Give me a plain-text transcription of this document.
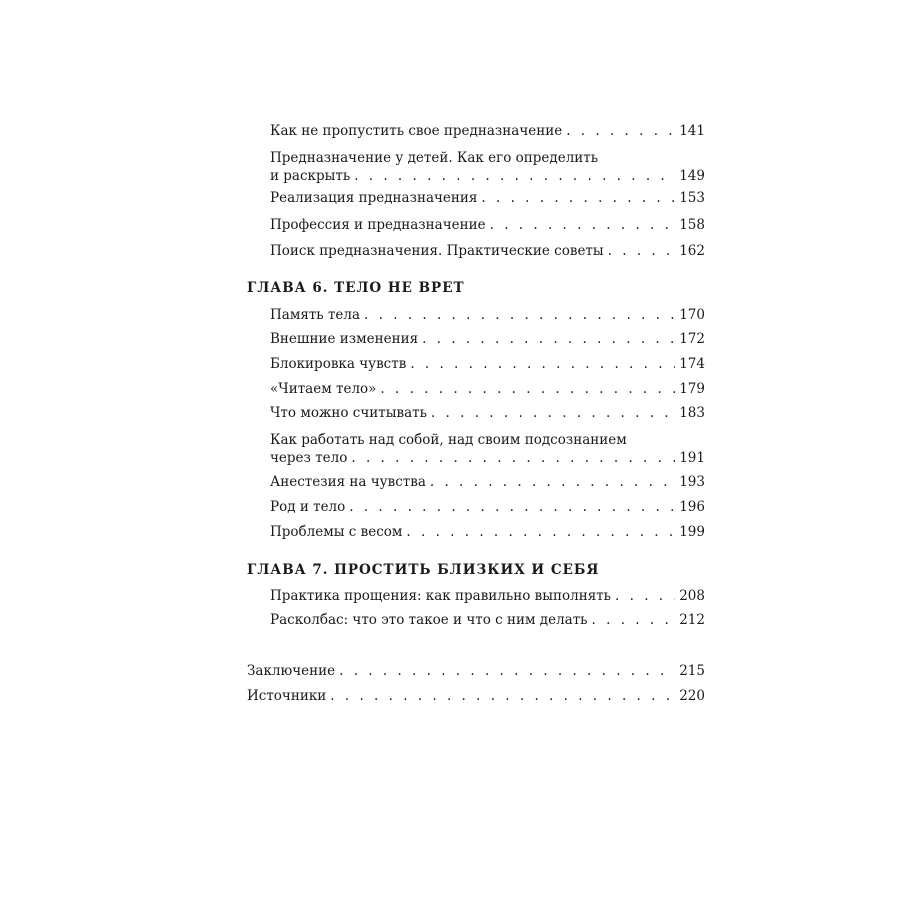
Как не пропустить свое предназначение . . .	141
Предназначение у детей. Как его определить
и раскрыть . . .	149
Реализация предназначения . . .	153
Профессия и предназначение . . .	158
Поиск предназначения. Практические советы . . .	162
ГЛАВА 6. ТЕЛО НЕ ВРЕТ
Память тела . . .	170
Внешние изменения . . .	172
Блокировка чувств . . .	174
«Читаем тело» . . .	179
Что можно считывать . . .	183
Как работать над собой, над своим подсознанием
через тело . . .	191
Анестезия на чувства . . .	193
Род и тело . . .	196
Проблемы с весом . . .	199
ГЛАВА 7. ПРОСТИТЬ БЛИЗКИХ И СЕБЯ
Практика прощения: как правильно выполнять . . .	208
Расколбас: что это такое и что с ним делать . . .	212
Заключение . . .	215
Источники . . .	220
